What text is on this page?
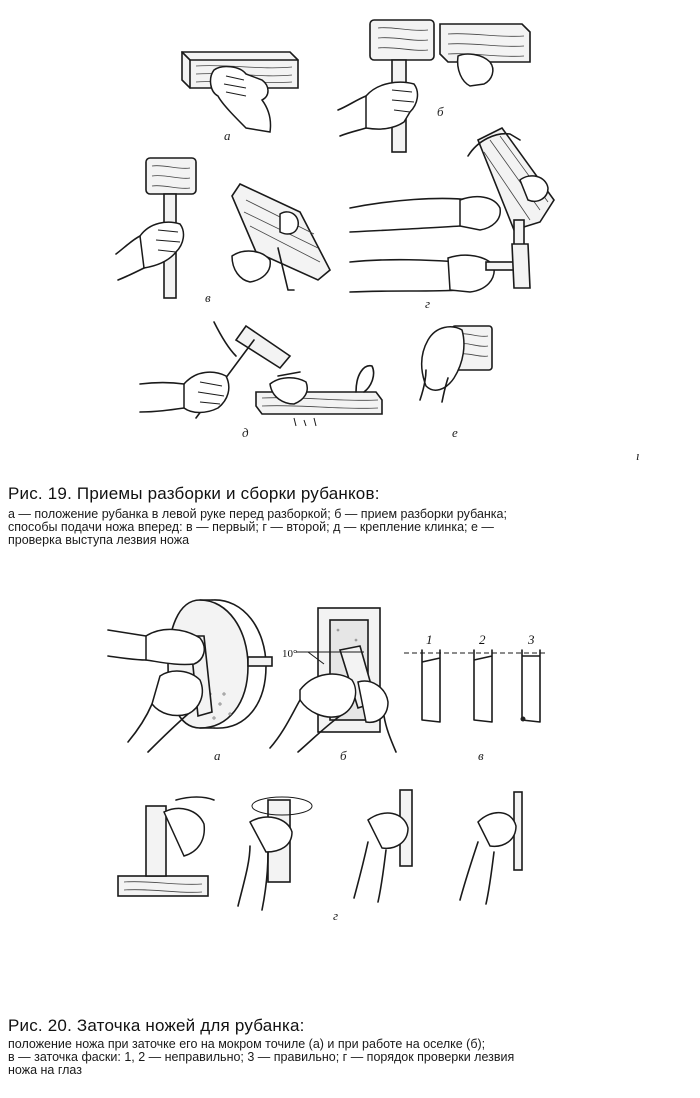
а
б
в	г
д	е
ı
Рис. 19. Приемы разборки и сборки рубанков:
а — положение рубанка в левой руке перед разборкой; б — прием разборки рубанка;
способы подачи ножа вперед: в — первый; г — второй; д — крепление клинка; е —
проверка выступа лезвия ножа
10°
1	2	3
а	б	в
г
Рис. 20. Заточка ножей для рубанка:
положение ножа при заточке его на мокром точиле (а) и при работе на оселке (б);
в — заточка фаски: 1, 2 — неправильно; 3 — правильно; г — порядок проверки лезвия
ножа на глаз
